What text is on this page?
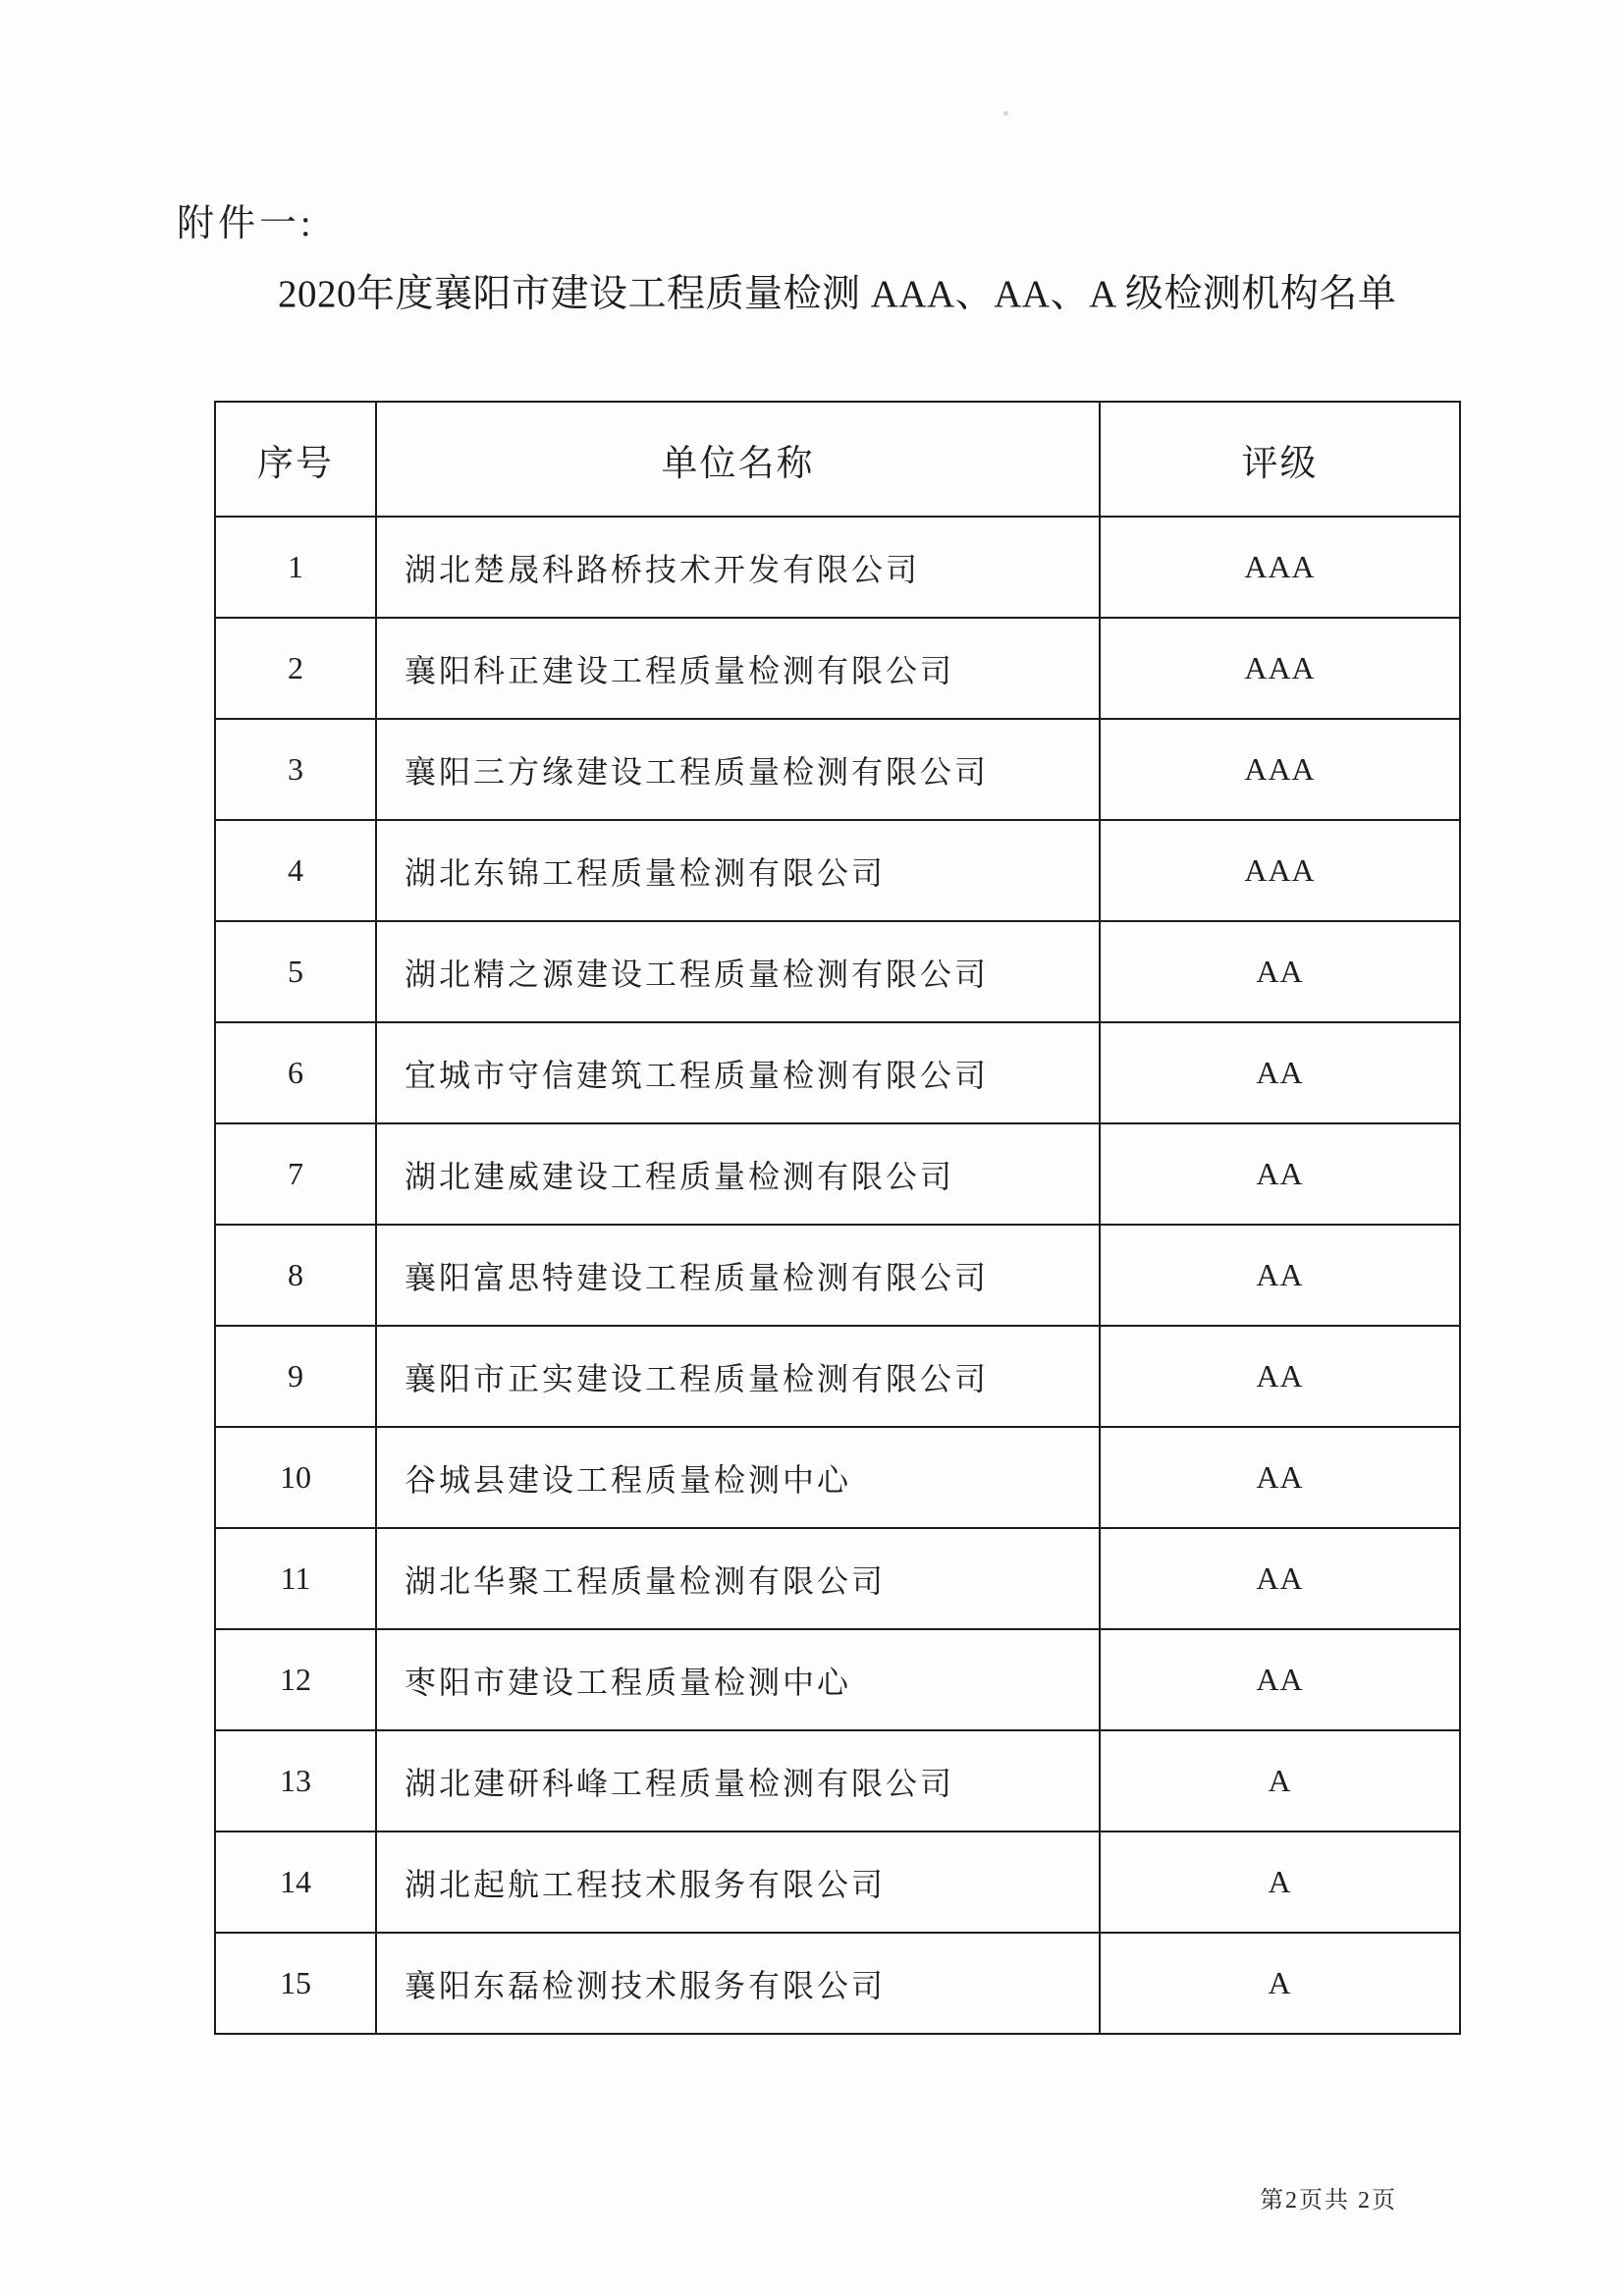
附件一:
2020年度襄阳市建设工程质量检测 AAA、AA、A 级检测机构名单
序号	单位名称	评级
1	湖北楚晟科路桥技术开发有限公司	AAA
2	襄阳科正建设工程质量检测有限公司	AAA
3	襄阳三方缘建设工程质量检测有限公司	AAA
4	湖北东锦工程质量检测有限公司	AAA
5	湖北精之源建设工程质量检测有限公司	AA
6	宜城市守信建筑工程质量检测有限公司	AA
7	湖北建威建设工程质量检测有限公司	AA
8	襄阳富思特建设工程质量检测有限公司	AA
9	襄阳市正实建设工程质量检测有限公司	AA
10	谷城县建设工程质量检测中心	AA
11	湖北华聚工程质量检测有限公司	AA
12	枣阳市建设工程质量检测中心	AA
13	湖北建研科峰工程质量检测有限公司	A
14	湖北起航工程技术服务有限公司	A
15	襄阳东磊检测技术服务有限公司	A
第2页共 2页
